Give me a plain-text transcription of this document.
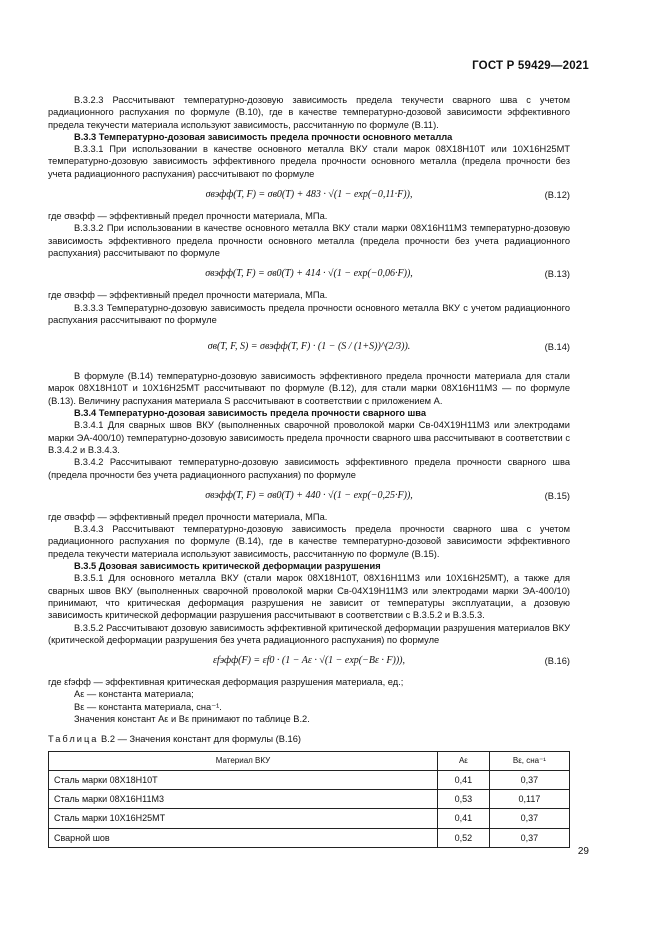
ГОСТ Р 59429—2021

В.3.2.3 Рассчитывают температурно-дозовую зависимость предела текучести сварного шва с учетом радиационного распухания по формуле (В.10), где в качестве температурно-дозовой зависимости эффективного предела текучести материала используют зависимость, рассчитанную по формуле (В.11).

В.3.3 Температурно-дозовая зависимость предела прочности основного металла

В.3.3.1 При использовании в качестве основного металла ВКУ стали марок 08Х18Н10Т или 10Х16Н25МТ температурно-дозовую зависимость эффективного предела прочности основного металла (предела прочности без учета радиационного распухания) рассчитывают по формуле

σвэфф(T, F) = σв0(T) + 483 · √(1 − exp(−0,11·F)),	(В.12)

где σвэфф — эффективный предел прочности материала, МПа.

В.3.3.2 При использовании в качестве основного металла ВКУ стали марки 08Х16Н11М3 температурно-дозовую зависимость эффективного предела прочности основного металла (предела прочности без учета радиационного распухания) рассчитывают по формуле

σвэфф(T, F) = σв0(T) + 414 · √(1 − exp(−0,06·F)),	(В.13)

где σвэфф — эффективный предел прочности материала, МПа.

В.3.3.3 Температурно-дозовую зависимость предела прочности основного металла ВКУ с учетом радиационного распухания рассчитывают по формуле

σв(T, F, S) = σвэфф(T, F) · (1 − (S / (1+S))^(2/3)).	(В.14)

В формуле (В.14) температурно-дозовую зависимость эффективного предела прочности материала для стали марок 08Х18Н10Т и 10Х16Н25МТ рассчитывают по формуле (В.12), для стали марки 08Х16Н11М3 — по формуле (В.13). Величину распухания материала S рассчитывают в соответствии с приложением А.

В.3.4 Температурно-дозовая зависимость предела прочности сварного шва

В.3.4.1 Для сварных швов ВКУ (выполненных сварочной проволокой марки Св-04Х19Н11М3 или электродами марки ЭА-400/10) температурно-дозовую зависимость предела прочности сварного шва рассчитывают в соответствии с В.3.4.2 и В.3.4.3.

В.3.4.2 Рассчитывают температурно-дозовую зависимость эффективного предела прочности сварного шва (предела прочности без учета радиационного распухания) по формуле

σвэфф(T, F) = σв0(T) + 440 · √(1 − exp(−0,25·F)),	(В.15)

где σвэфф — эффективный предел прочности материала, МПа.

В.3.4.3 Рассчитывают температурно-дозовую зависимость предела прочности сварного шва с учетом радиационного распухания по формуле (В.14), где в качестве температурно-дозовой зависимости эффективного предела текучести материала используют зависимость, рассчитанную по формуле (В.15).

В.3.5 Дозовая зависимость критической деформации разрушения

В.3.5.1 Для основного металла ВКУ (стали марок 08Х18Н10Т, 08Х16Н11М3 или 10Х16Н25МТ), а также для сварных швов ВКУ (выполненных сварочной проволокой марки Св-04Х19Н11М3 или электродами марки ЭА-400/10) принимают, что критическая деформация разрушения не зависит от температуры эксплуатации, а дозовую зависимость критической деформации разрушения рассчитывают в соответствии с В.3.5.2 и В.3.5.3.

В.3.5.2 Рассчитывают дозовую зависимость эффективной критической деформации разрушения материалов ВКУ (критической деформации разрушения без учета радиационного распухания) по формуле

εfэфф(F) = εf0 · (1 − Aε · √(1 − exp(−Bε · F))),	(В.16)

где εfэфф — эффективная критическая деформация разрушения материала, ед.;

Aε — константа материала;

Bε — константа материала, сна⁻¹.

Значения констант Aε и Bε принимают по таблице В.2.

Таблица В.2 — Значения констант для формулы (В.16)

Материал ВКУ	Aε	Bε, сна⁻¹
Сталь марки 08Х18Н10Т	0,41	0,37
Сталь марки 08Х16Н11М3	0,53	0,117
Сталь марки 10Х16Н25МТ	0,41	0,37
Сварной шов	0,52	0,37
29
